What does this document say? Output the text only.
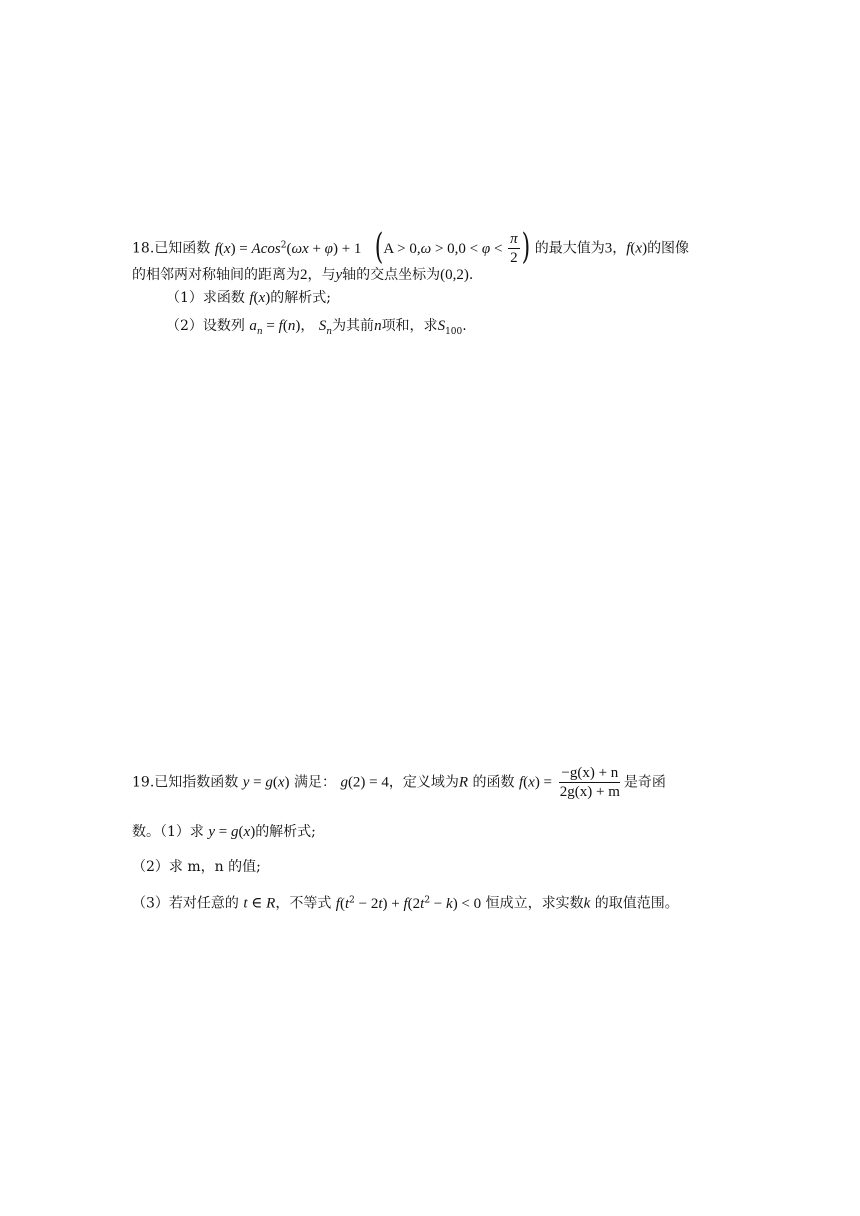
18.已知函数 f(x) = Acos$^2$(ωx + φ) + 1 ($A > 0,\omega > 0,0 < \varphi < \frac{\pi}{2}$ ) 的最大值为3，f(x)的图像
的相邻两对称轴间的距离为2，与y轴的交点坐标为(0,2).
（1）求函数 f(x)的解析式;
（2）设数列 $a_n = f(n)$， $S_n$为其前n项和，求$S_{100}$.
19.已知指数函数 y = g(x) 满足： g(2) = 4，定义域为R 的函数 $f(x) = \frac{-g(x) + n}{2g(x) + m}$ 是奇函
数。（1）求 y = g(x)的解析式;
（2）求 m，n 的值;
（3）若对任意的 t ∈ R，不等式 $f(t^2 - 2t) + f(2t^2 - k) < 0$ 恒成立，求实数k 的取值范围。
